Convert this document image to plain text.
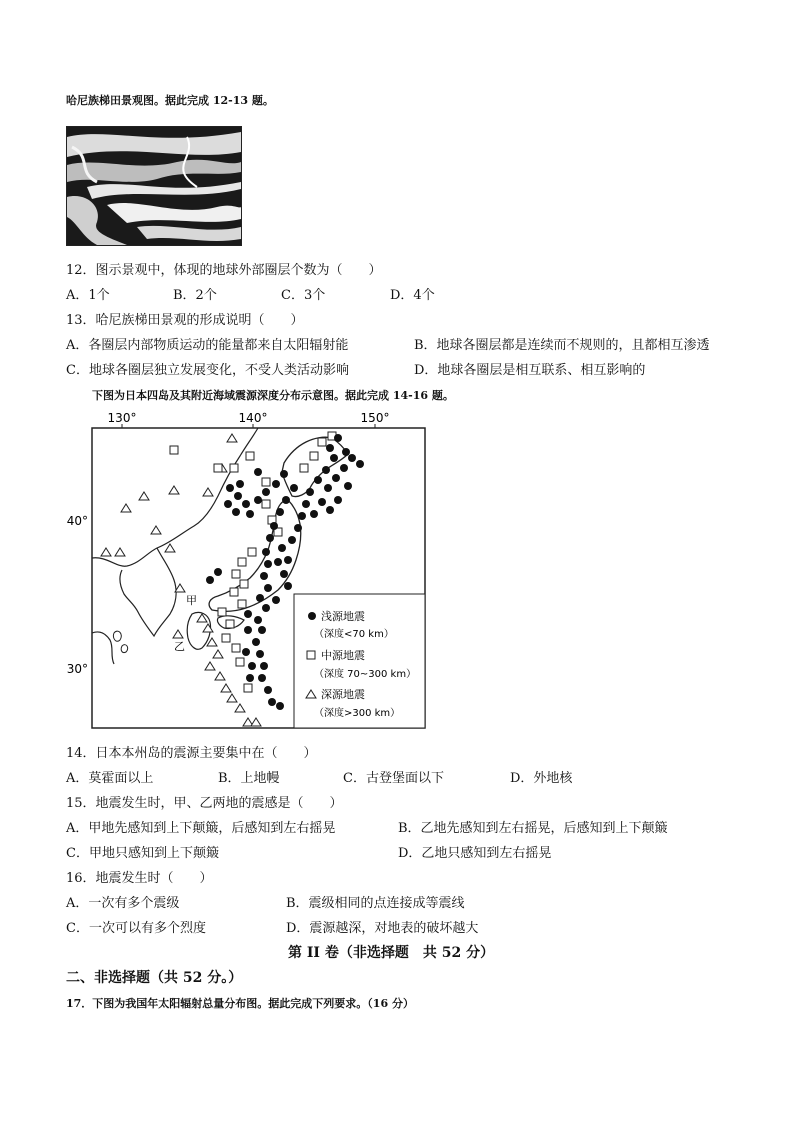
哈尼族梯田景观图。据此完成 12-13 题。
12．图示景观中，体现的地球外部圈层个数为（　　）
A．1个	B．2个	C．3个	D．4个
13．哈尼族梯田景观的形成说明（　　）
A．各圈层内部物质运动的能量都来自太阳辐射能	B．地球各圈层都是连续而不规则的，且都相互渗透
C．地球各圈层独立发展变化，不受人类活动影响	D．地球各圈层是相互联系、相互影响的
下图为日本四岛及其附近海域震源深度分布示意图。据此完成 14-16 题。
130°	140°	150°
40°
30°
甲
乙
浅源地震
（深度<70 km）
中源地震
（深度 70~300 km）
深源地震
（深度>300 km）
14．日本本州岛的震源主要集中在（　　）
A．莫霍面以上	B．上地幔	C．古登堡面以下	D．外地核
15．地震发生时，甲、乙两地的震感是（　　）
A．甲地先感知到上下颠簸，后感知到左右摇晃	B．乙地先感知到左右摇晃，后感知到上下颠簸
C．甲地只感知到上下颠簸	D．乙地只感知到左右摇晃
16．地震发生时（　　）
A．一次有多个震级	B．震级相同的点连接成等震线
C．一次可以有多个烈度	D．震源越深，对地表的破坏越大
第 II 卷（非选择题　共 52 分）
二、非选择题（共 52 分。）
17．下图为我国年太阳辐射总量分布图。据此完成下列要求。（16 分）
